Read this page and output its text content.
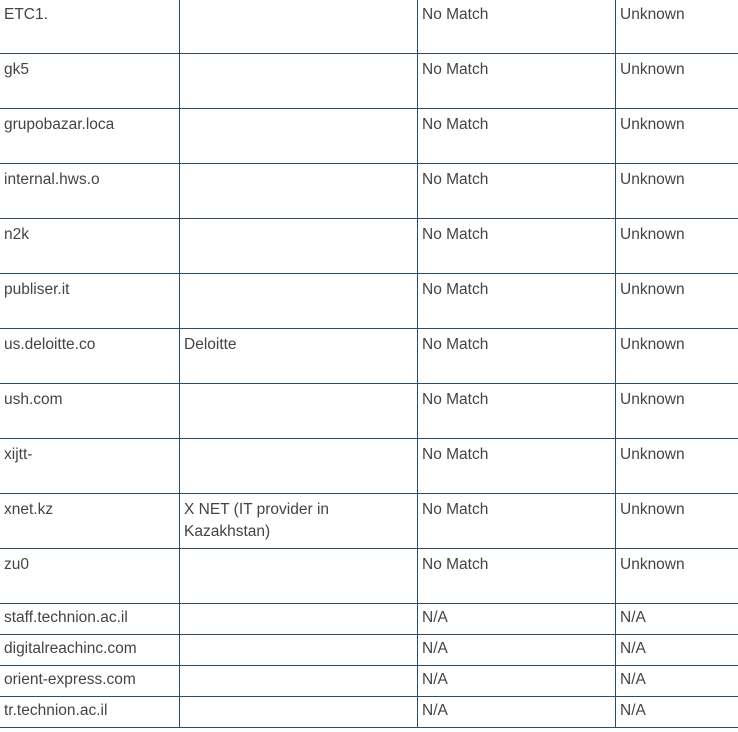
ETC1.		No Match	Unknown
gk5		No Match	Unknown
grupobazar.loca		No Match	Unknown
internal.hws.o		No Match	Unknown
n2k		No Match	Unknown
publiser.it		No Match	Unknown
us.deloitte.co	Deloitte	No Match	Unknown
ush.com		No Match	Unknown
xijtt-		No Match	Unknown
xnet.kz	X NET (IT provider in Kazakhstan)	No Match	Unknown
zu0		No Match	Unknown
staff.technion.ac.il		N/A	N/A
digitalreachinc.com		N/A	N/A
orient-express.com		N/A	N/A
tr.technion.ac.il		N/A	N/A
